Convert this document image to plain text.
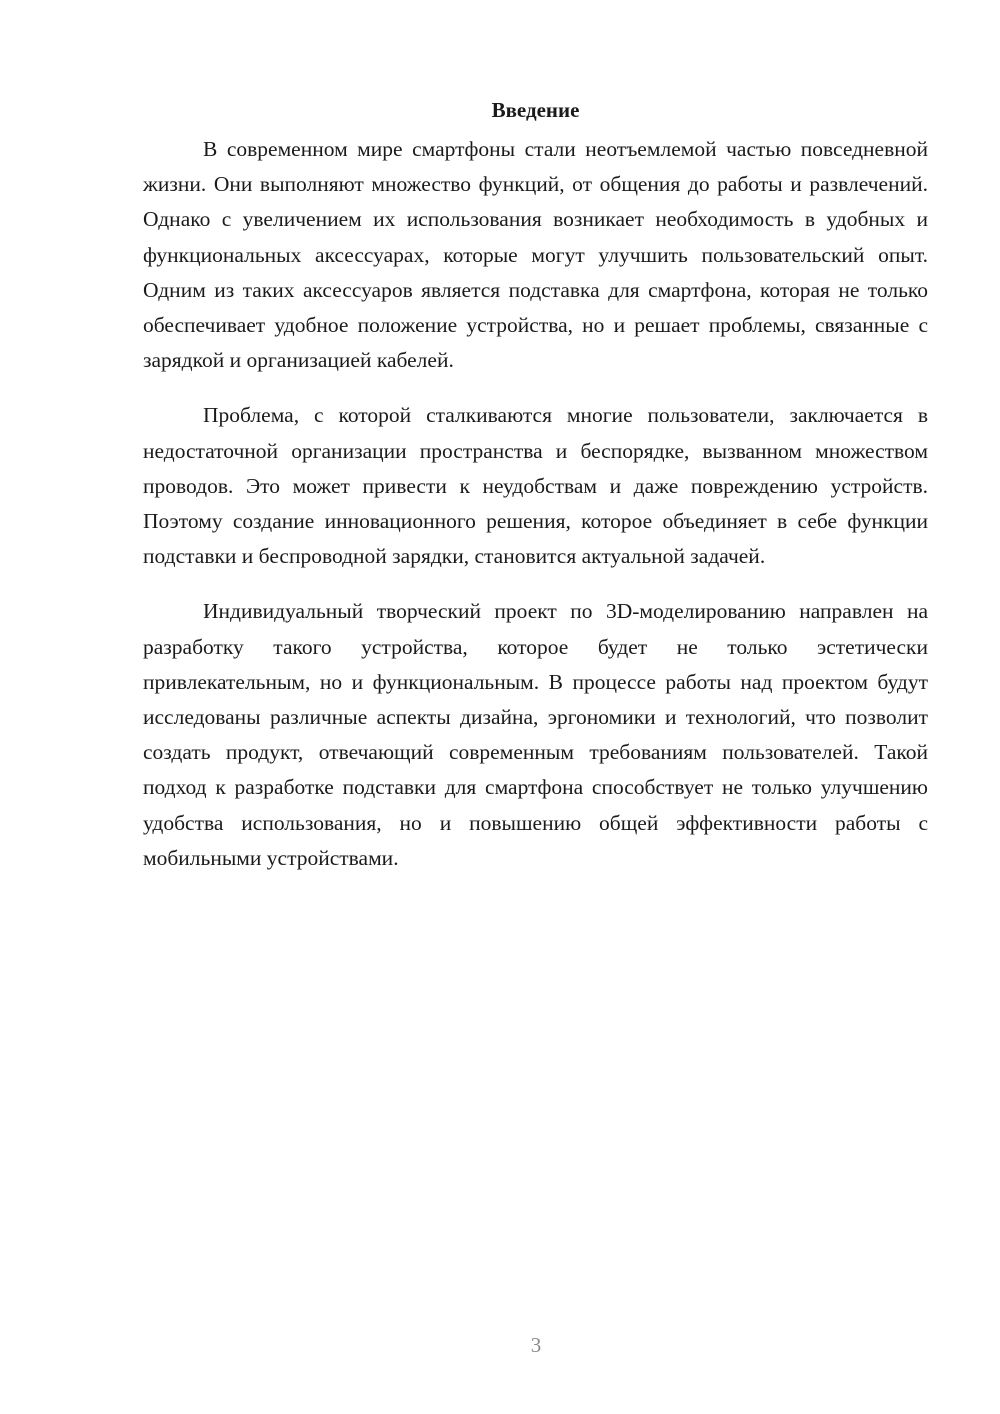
Введение

В современном мире смартфоны стали неотъемлемой частью повседневной жизни. Они выполняют множество функций, от общения до работы и развлечений. Однако с увеличением их использования возникает необходимость в удобных и функциональных аксессуарах, которые могут улучшить пользовательский опыт. Одним из таких аксессуаров является подставка для смартфона, которая не только обеспечивает удобное положение устройства, но и решает проблемы, связанные с зарядкой и организацией кабелей.

Проблема, с которой сталкиваются многие пользователи, заключается в недостаточной организации пространства и беспорядке, вызванном множеством проводов. Это может привести к неудобствам и даже повреждению устройств. Поэтому создание инновационного решения, которое объединяет в себе функции подставки и беспроводной зарядки, становится актуальной задачей.

Индивидуальный творческий проект по 3D-моделированию направлен на разработку такого устройства, которое будет не только эстетически привлекательным, но и функциональным. В процессе работы над проектом будут исследованы различные аспекты дизайна, эргономики и технологий, что позволит создать продукт, отвечающий современным требованиям пользователей. Такой подход к разработке подставки для смартфона способствует не только улучшению удобства использования, но и повышению общей эффективности работы с мобильными устройствами.

3
